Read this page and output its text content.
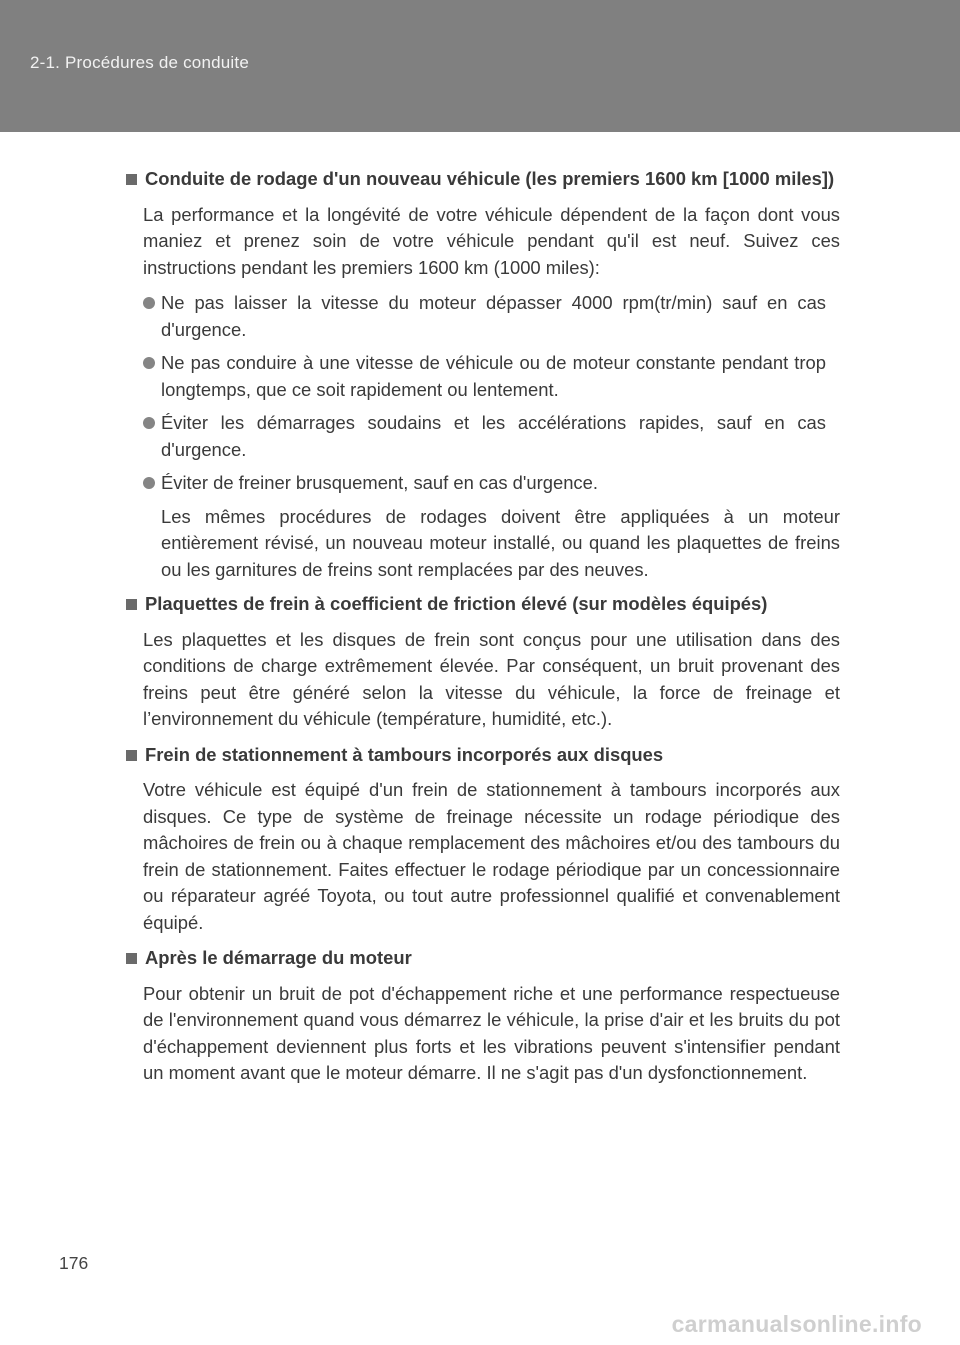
2-1. Procédures de conduite
Conduite de rodage d'un nouveau véhicule (les premiers 1600 km [1000 miles])
La performance et la longévité de votre véhicule dépendent de la façon dont vous maniez et prenez soin de votre véhicule pendant qu'il est neuf. Suivez ces instructions pendant les premiers 1600 km (1000 miles):
Ne pas laisser la vitesse du moteur dépasser 4000 rpm(tr/min) sauf en cas d'urgence.
Ne pas conduire à une vitesse de véhicule ou de moteur constante pendant trop longtemps, que ce soit rapidement ou lentement.
Éviter les démarrages soudains et les accélérations rapides, sauf en cas d'urgence.
Éviter de freiner brusquement, sauf en cas d'urgence.
Les mêmes procédures de rodages doivent être appliquées à un moteur entièrement révisé, un nouveau moteur installé, ou quand les plaquettes de freins ou les garnitures de freins sont remplacées par des neuves.
Plaquettes de frein à coefficient de friction élevé (sur modèles équipés)
Les plaquettes et les disques de frein sont conçus pour une utilisation dans des conditions de charge extrêmement élevée. Par conséquent, un bruit provenant des freins peut être généré selon la vitesse du véhicule, la force de freinage et l’environnement du véhicule (température, humidité, etc.).
Frein de stationnement à tambours incorporés aux disques
Votre véhicule est équipé d'un frein de stationnement à tambours incorporés aux disques. Ce type de système de freinage nécessite un rodage périodique des mâchoires de frein ou à chaque remplacement des mâchoires et/ou des tambours du frein de stationnement. Faites effectuer le rodage périodique par un concessionnaire ou réparateur agréé Toyota, ou tout autre professionnel qualifié et convenablement équipé.
Après le démarrage du moteur
Pour obtenir un bruit de pot d'échappement riche et une performance respectueuse de l'environnement quand vous démarrez le véhicule, la prise d'air et les bruits du pot d'échappement deviennent plus forts et les vibrations peuvent s'intensifier pendant un moment avant que le moteur démarre. Il ne s'agit pas d'un dysfonctionnement.
176
carmanualsonline.info
